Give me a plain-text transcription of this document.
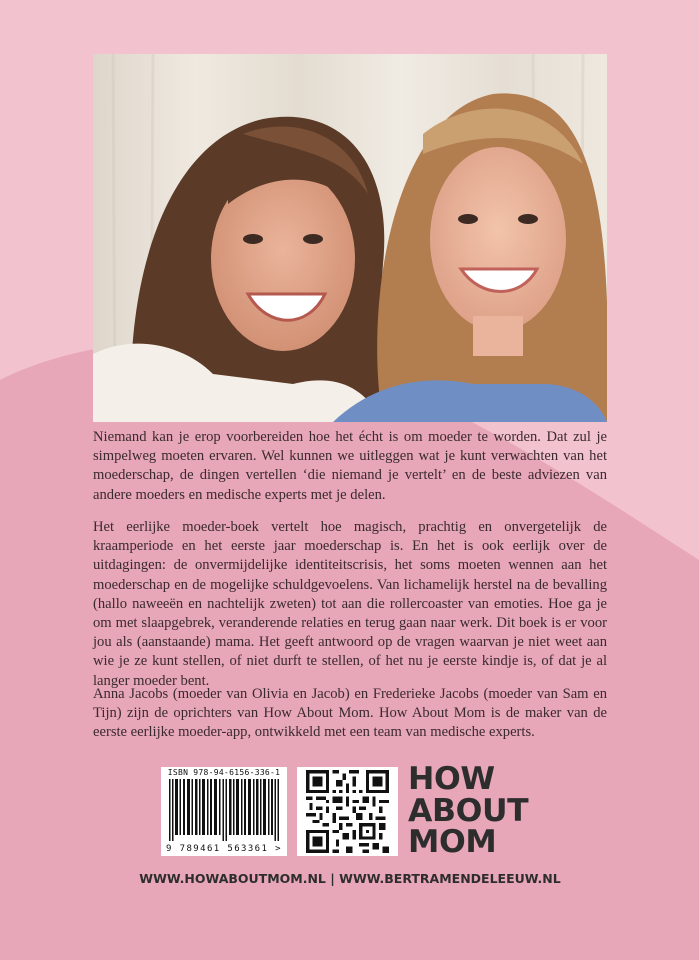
Niemand kan je erop voorbereiden hoe het écht is om moeder te worden. Dat zul je simpelweg moeten ervaren. Wel kunnen we uitleggen wat je kunt verwachten van het moederschap, de dingen vertellen ‘die niemand je vertelt’ en de beste adviezen van andere moeders en medische experts met je delen.

Het eerlijke moeder-boek vertelt hoe magisch, prachtig en onvergetelijk de kraamperiode en het eerste jaar moederschap is. En het is ook eerlijk over de uitdagingen: de onvermijdelijke identiteitscrisis, het soms moeten wennen aan het moederschap en de mogelijke schuldgevoelens. Van lichamelijk herstel na de bevalling (hallo naweeën en nachtelijk zweten) tot aan die rollercoaster van emoties. Hoe ga je om met slaapgebrek, veranderende relaties en terug gaan naar werk. Dit boek is er voor jou als (aanstaande) mama. Het geeft antwoord op de vragen waarvan je niet weet aan wie je ze kunt stellen, of niet durft te stellen, of het nu je eerste kindje is, of dat je al langer moeder bent.

Anna Jacobs (moeder van Olivia en Jacob) en Frederieke Jacobs (moeder van Sam en Tijn) zijn de oprichters van How About Mom. How About Mom is de maker van de eerste eerlijke moeder-app, ontwikkeld met een team van medische experts.

ISBN 978-94-6156-336-1
9 789461 563361 >
HOW
ABOUT
MOM
WWW.HOWABOUTMOM.NL | WWW.BERTRAMENDELEEUW.NL
